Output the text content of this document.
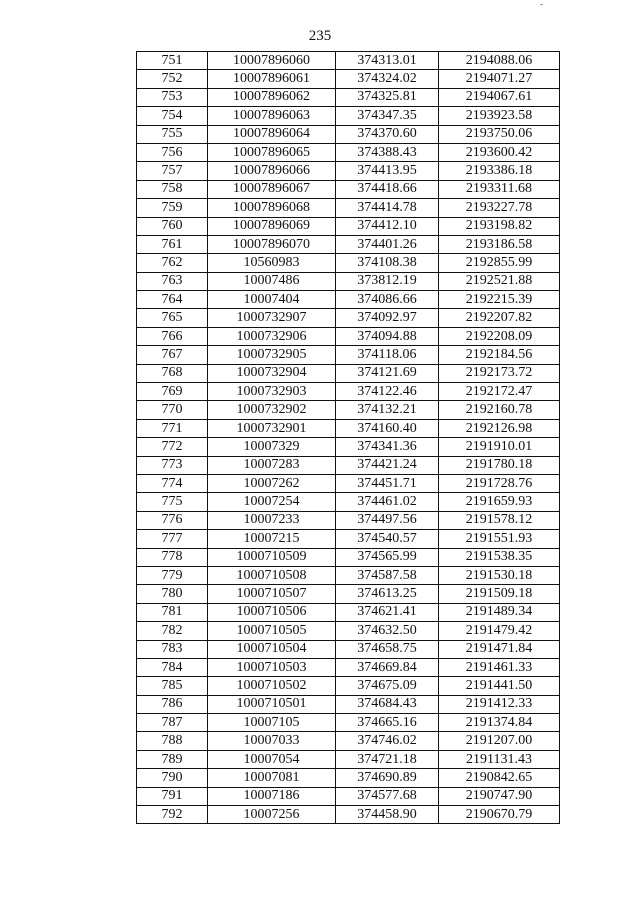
235
751	10007896060	374313.01	2194088.06
752	10007896061	374324.02	2194071.27
753	10007896062	374325.81	2194067.61
754	10007896063	374347.35	2193923.58
755	10007896064	374370.60	2193750.06
756	10007896065	374388.43	2193600.42
757	10007896066	374413.95	2193386.18
758	10007896067	374418.66	2193311.68
759	10007896068	374414.78	2193227.78
760	10007896069	374412.10	2193198.82
761	10007896070	374401.26	2193186.58
762	10560983	374108.38	2192855.99
763	10007486	373812.19	2192521.88
764	10007404	374086.66	2192215.39
765	1000732907	374092.97	2192207.82
766	1000732906	374094.88	2192208.09
767	1000732905	374118.06	2192184.56
768	1000732904	374121.69	2192173.72
769	1000732903	374122.46	2192172.47
770	1000732902	374132.21	2192160.78
771	1000732901	374160.40	2192126.98
772	10007329	374341.36	2191910.01
773	10007283	374421.24	2191780.18
774	10007262	374451.71	2191728.76
775	10007254	374461.02	2191659.93
776	10007233	374497.56	2191578.12
777	10007215	374540.57	2191551.93
778	1000710509	374565.99	2191538.35
779	1000710508	374587.58	2191530.18
780	1000710507	374613.25	2191509.18
781	1000710506	374621.41	2191489.34
782	1000710505	374632.50	2191479.42
783	1000710504	374658.75	2191471.84
784	1000710503	374669.84	2191461.33
785	1000710502	374675.09	2191441.50
786	1000710501	374684.43	2191412.33
787	10007105	374665.16	2191374.84
788	10007033	374746.02	2191207.00
789	10007054	374721.18	2191131.43
790	10007081	374690.89	2190842.65
791	10007186	374577.68	2190747.90
792	10007256	374458.90	2190670.79
